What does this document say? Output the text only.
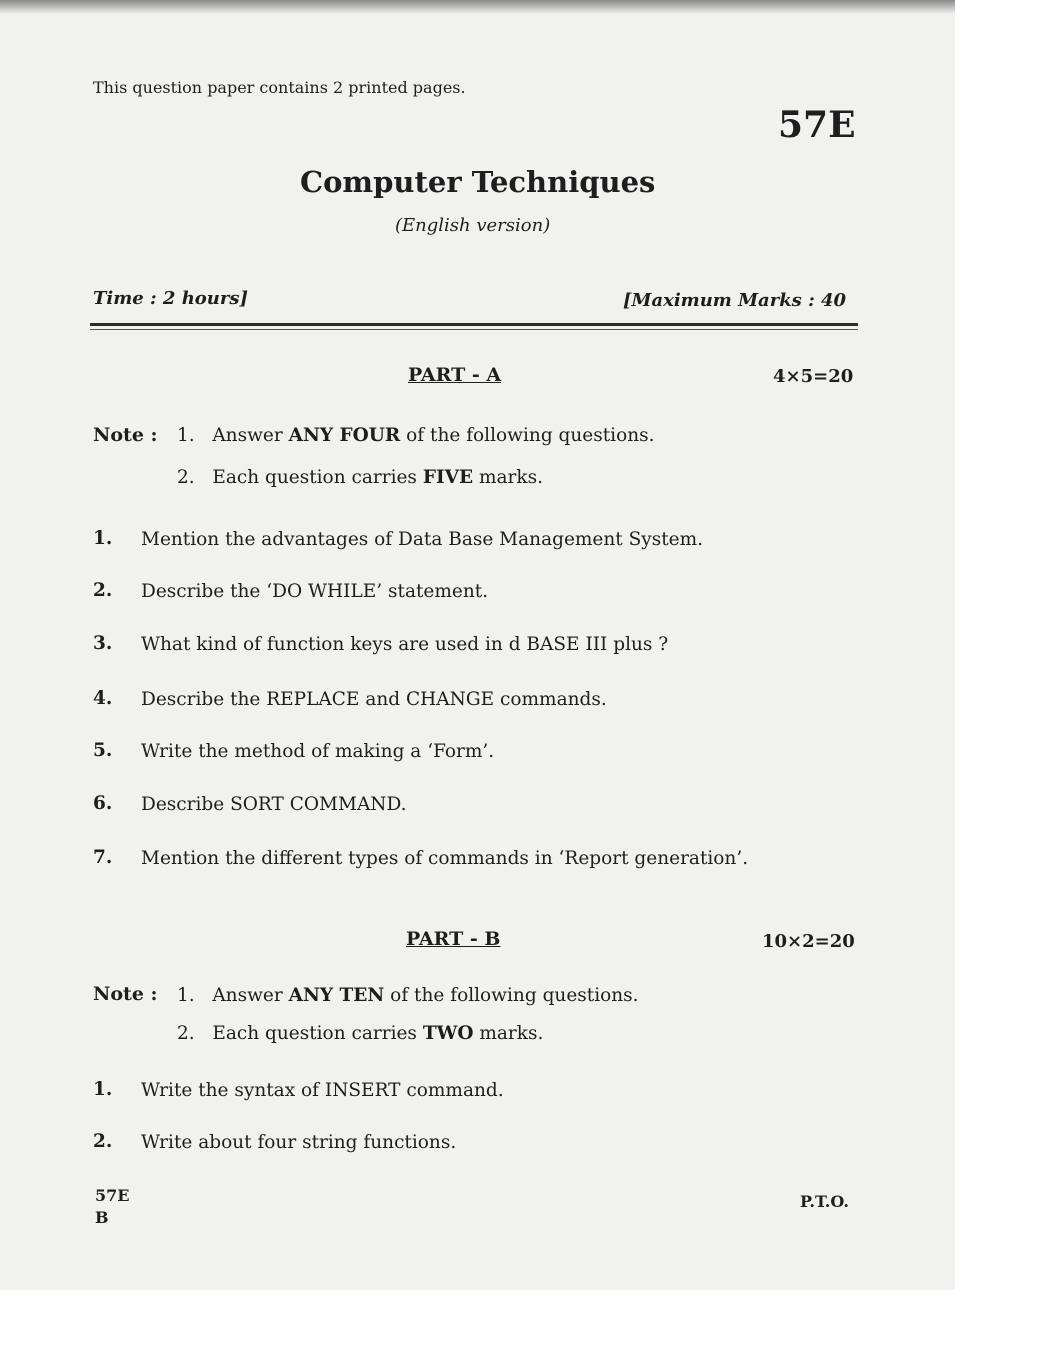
This question paper contains 2 printed pages.
57E
Computer Techniques
(English version)
Time : 2 hours]	[Maximum Marks : 40
PART - A	4×5=20
Note : 1. Answer ANY FOUR of the following questions.
2. Each question carries FIVE marks.
1. Mention the advantages of Data Base Management System.
2. Describe the ‘DO WHILE’ statement.
3. What kind of function keys are used in d BASE III plus ?
4. Describe the REPLACE and CHANGE commands.
5. Write the method of making a ‘Form’.
6. Describe SORT COMMAND.
7. Mention the different types of commands in ‘Report generation’.
PART - B	10×2=20
Note : 1. Answer ANY TEN of the following questions.
2. Each question carries TWO marks.
1. Write the syntax of INSERT command.
2. Write about four string functions.
57E
B
P.T.O.
